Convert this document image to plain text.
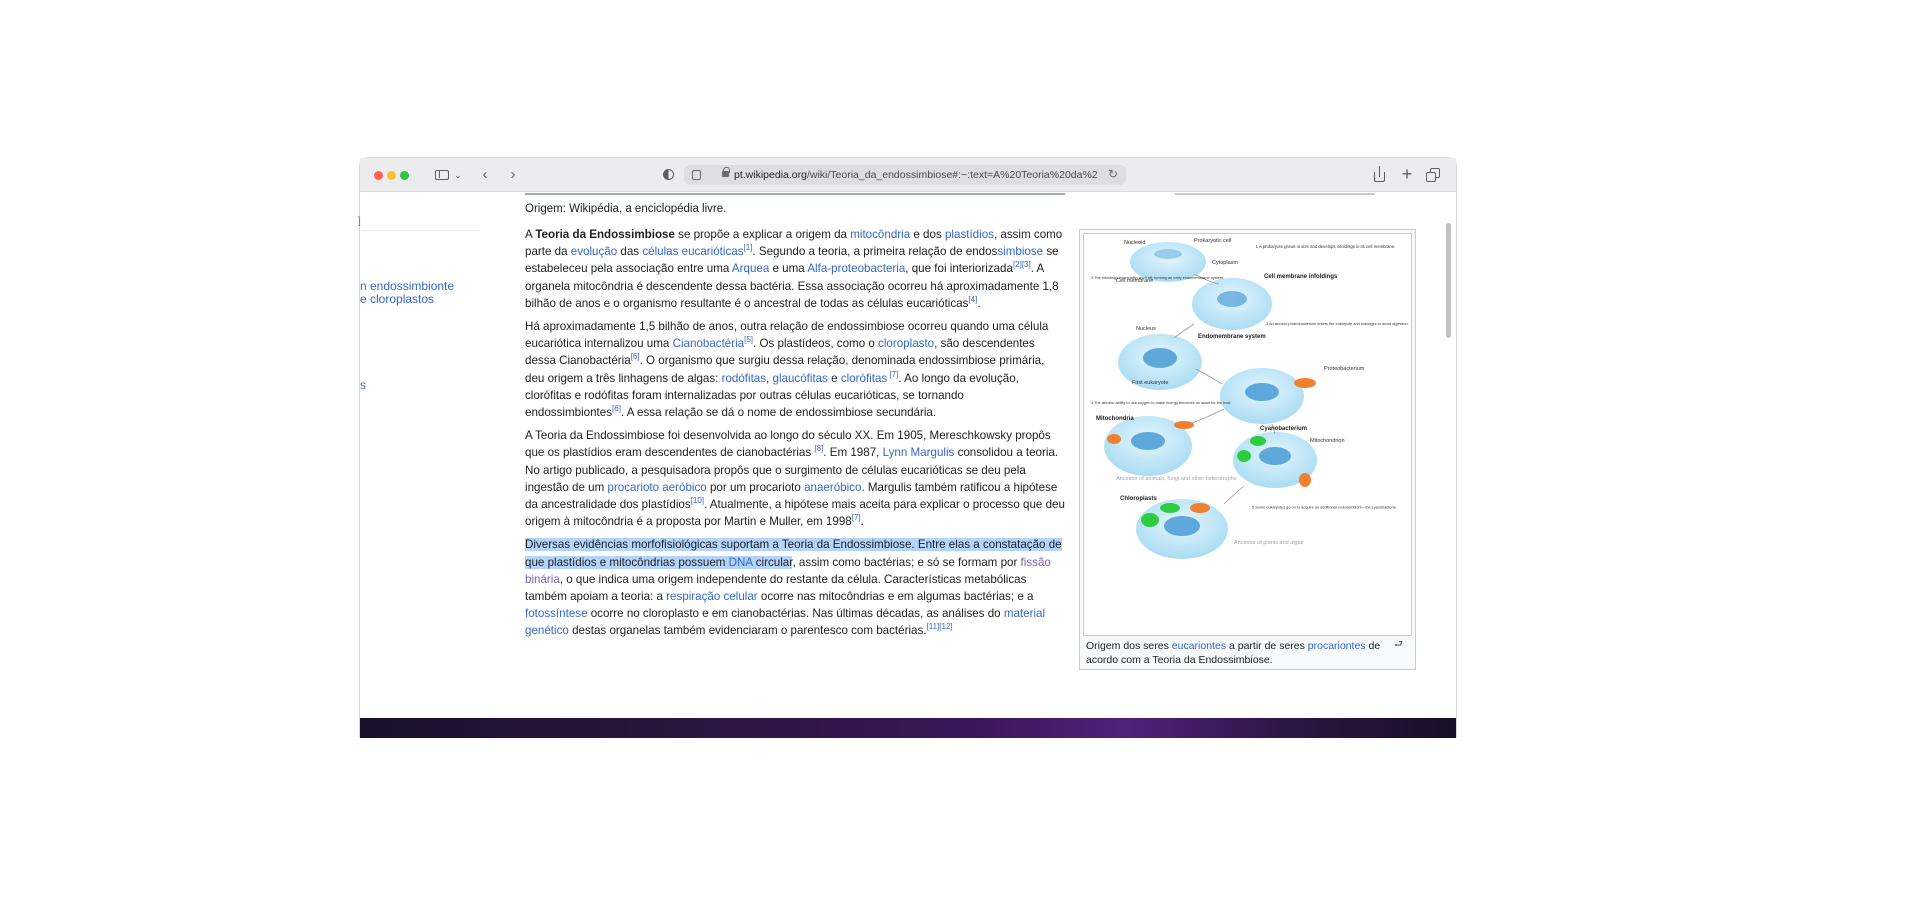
⌄ ‹ ›	pt.wikipedia.org/wiki/Teoria_da_endossimbiose#:~:text=A%20Teoria%20da%2 ↻	+
]
n endossimbionte
e cloroplastos
s
Origem: Wikipédia, a enciclopédia livre.

A Teoria da Endossimbiose se propõe a explicar a origem da mitocôndria e dos plastídios, assim como parte da evolução das células eucarióticas[1]. Segundo a teoria, a primeira relação de endossimbiose se estabeleceu pela associação entre uma Arquea e uma Alfa-proteobacteria, que foi interiorizada[2][3]. A organela mitocôndria é descendente dessa bactéria. Essa associação ocorreu há aproximadamente 1,8 bilhão de anos e o organismo resultante é o ancestral de todas as células eucarióticas[4].

Há aproximadamente 1,5 bilhão de anos, outra relação de endossimbiose ocorreu quando uma célula eucariótica internalizou uma Cianobactéria[5]. Os plastídeos, como o cloroplasto, são descendentes dessa Cianobactéria[6]. O organismo que surgiu dessa relação, denominada endossimbiose primária, deu origem a três linhagens de algas: rodófitas, glaucófitas e clorófitas [7]. Ao longo da evolução, clorófitas e rodófitas foram internalizadas por outras células eucarióticas, se tornando endossimbiontes[6]. A essa relação se dá o nome de endossimbiose secundária.

A Teoria da Endossimbiose foi desenvolvida ao longo do século XX. Em 1905, Mereschkowsky propôs que os plastídios eram descendentes de cianobactérias [8]. Em 1987, Lynn Margulis consolidou a teoria. No artigo publicado, a pesquisadora propôs que o surgimento de células eucarióticas se deu pela ingestão de um procarioto aeróbico por um procarioto anaeróbico. Margulis também ratificou a hipótese da ancestralidade dos plastídios[10]. Atualmente, a hipótese mais aceita para explicar o processo que deu origem à mitocôndria é a proposta por Martin e Muller, em 1998[7].

Diversas evidências morfofisiológicas suportam a Teoria da Endossimbiose. Entre elas a constatação de que plastídios e mitocôndrias possuem DNA circular, assim como bactérias; e só se formam por fissão binária, o que indica uma origem independente do restante da célula. Características metabólicas também apoiam a teoria: a respiração celular ocorre nas mitocôndrias e em algumas bactérias; e a fotossíntese ocorre no cloroplasto e em cianobactérias. Nas últimas décadas, as análises do material genético destas organelas também evidenciaram o parentesco com bactérias.[11][12]

Nucleoid	Prokaryotic cell
Cytoplasm
Cell membrane
Cell membrane infoldings
Nucleus
Endomembrane system
First eukaryote
Proteobacterium
Mitochondria
Cyanobacterium
Mitochondrion
Chloroplasts
Ancestor of animals, fungi and other heterotrophs
Ancestor of plants and algae
1 A prokaryote grows in size and develops infoldings in its cell membrane.
2 The infoldings eventually pinch off, forming an early endomembrane system.
3 An aerobic proteobacterium enters the eukaryote and manages to avoid digestion.
4 The aerobic ability to use oxygen to make energy becomes an asset for the host.
5 Some eukaryotes go on to acquire an additional endosymbiont—the cyanobacteria.
Origem dos seres eucariontes a partir de seres procariontes de acordo com a Teoria da Endossimbiose.
⮐
